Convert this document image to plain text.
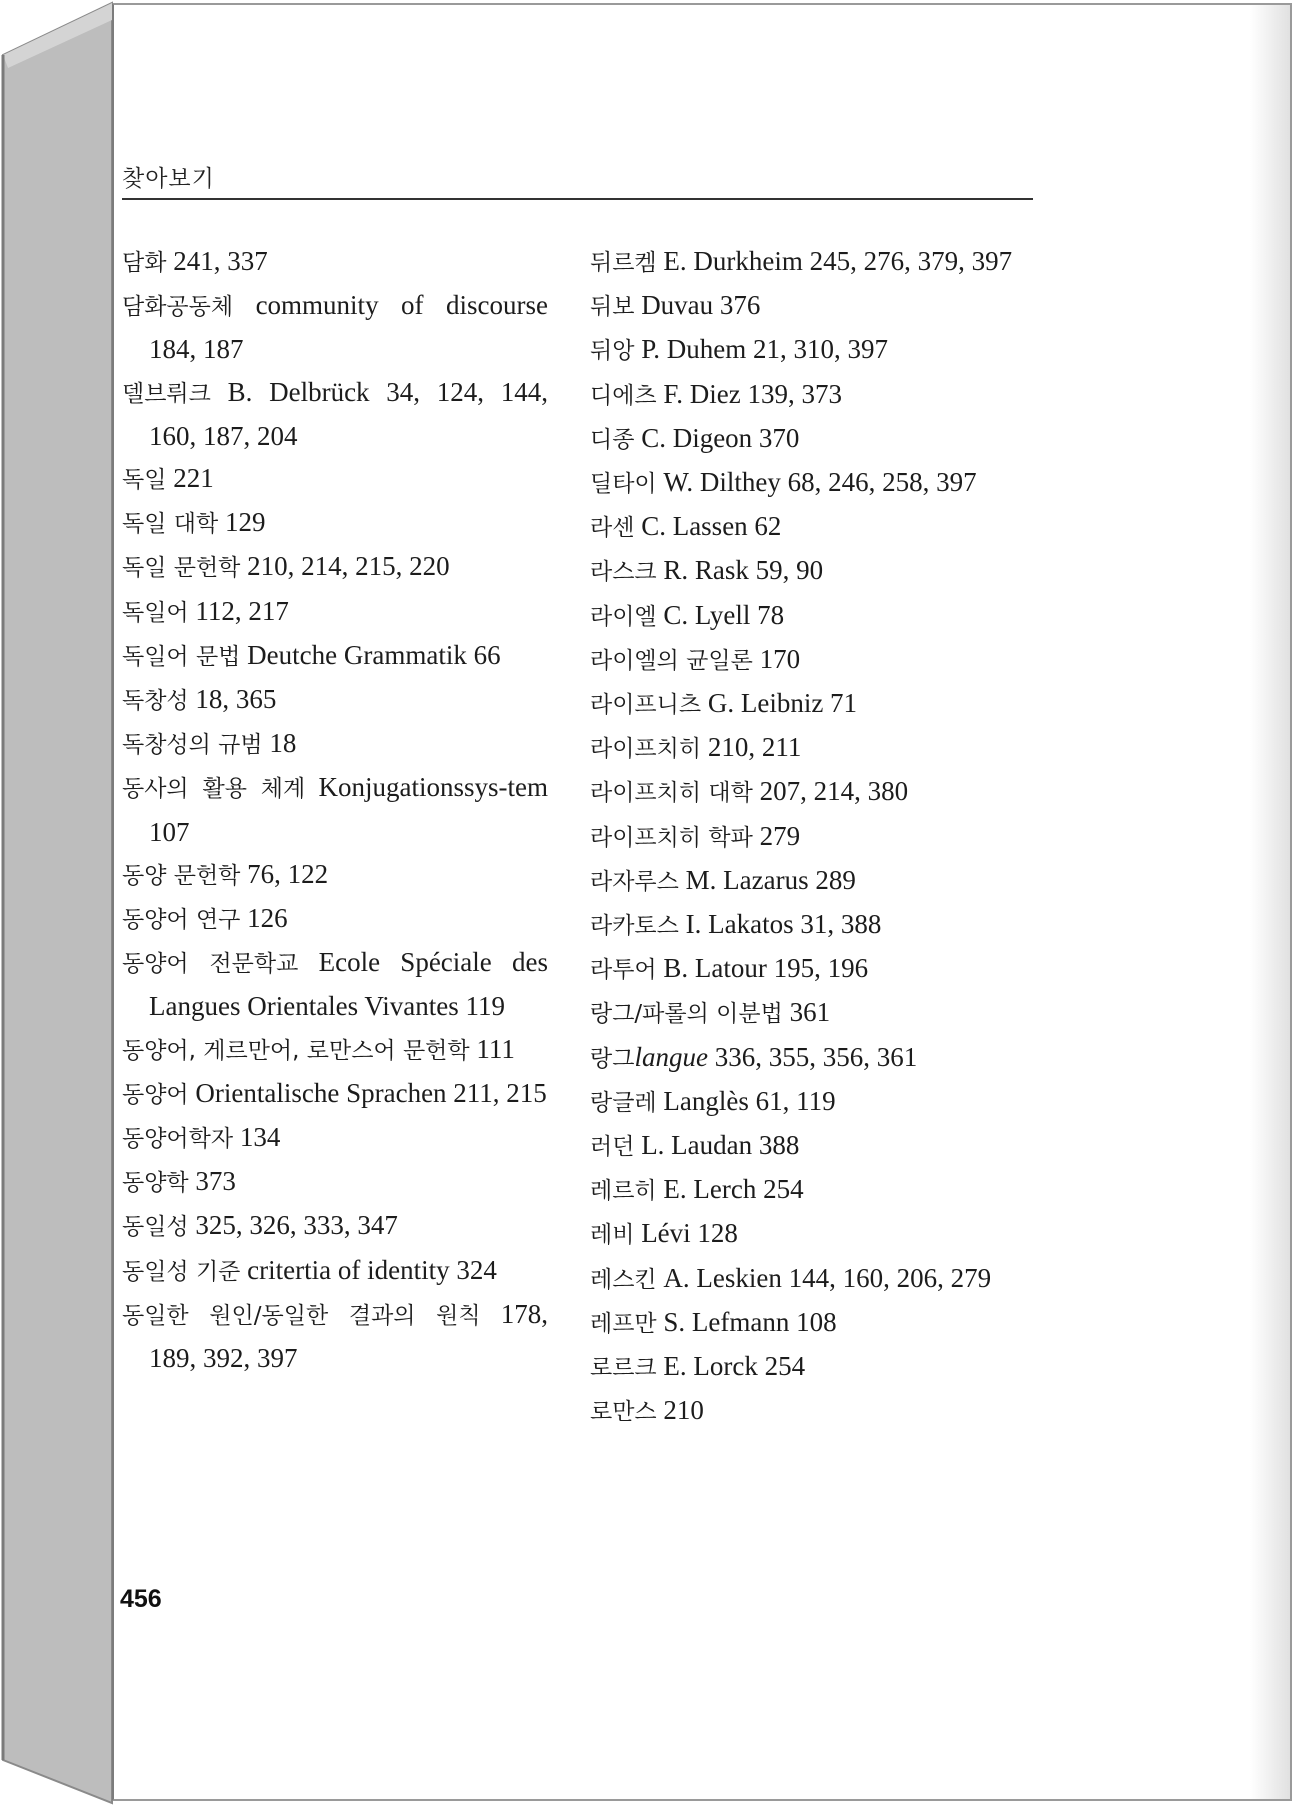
찾아보기

담화 241, 337

담화공동체 community of discourse 184, 187

델브뤼크 B. Delbrück 34, 124, 144, 160, 187, 204

독일 221

독일 대학 129

독일 문헌학 210, 214, 215, 220

독일어 112, 217

독일어 문법 Deutche Grammatik 66

독창성 18, 365

독창성의 규범 18

동사의 활용 체계 Konjugationssys-tem 107

동양 문헌학 76, 122

동양어 연구 126

동양어 전문학교 Ecole Spéciale des Langues Orientales Vivantes 119

동양어, 게르만어, 로만스어 문헌학 111

동양어 Orientalische Sprachen 211, 215

동양어학자 134

동양학 373

동일성 325, 326, 333, 347

동일성 기준 critertia of identity 324

동일한 원인/동일한 결과의 원칙 178, 189, 392, 397

뒤르켐 E. Durkheim 245, 276, 379, 397

뒤보 Duvau 376

뒤앙 P. Duhem 21, 310, 397

디에츠 F. Diez 139, 373

디종 C. Digeon 370

딜타이 W. Dilthey 68, 246, 258, 397

라센 C. Lassen 62

라스크 R. Rask 59, 90

라이엘 C. Lyell 78

라이엘의 균일론 170

라이프니츠 G. Leibniz 71

라이프치히 210, 211

라이프치히 대학 207, 214, 380

라이프치히 학파 279

라자루스 M. Lazarus 289

라카토스 I. Lakatos 31, 388

라투어 B. Latour 195, 196

랑그/파롤의 이분법 361

랑그langue 336, 355, 356, 361

랑글레 Langlès 61, 119

러던 L. Laudan 388

레르히 E. Lerch 254

레비 Lévi 128

레스킨 A. Leskien 144, 160, 206, 279

레프만 S. Lefmann 108

로르크 E. Lorck 254

로만스 210

456
